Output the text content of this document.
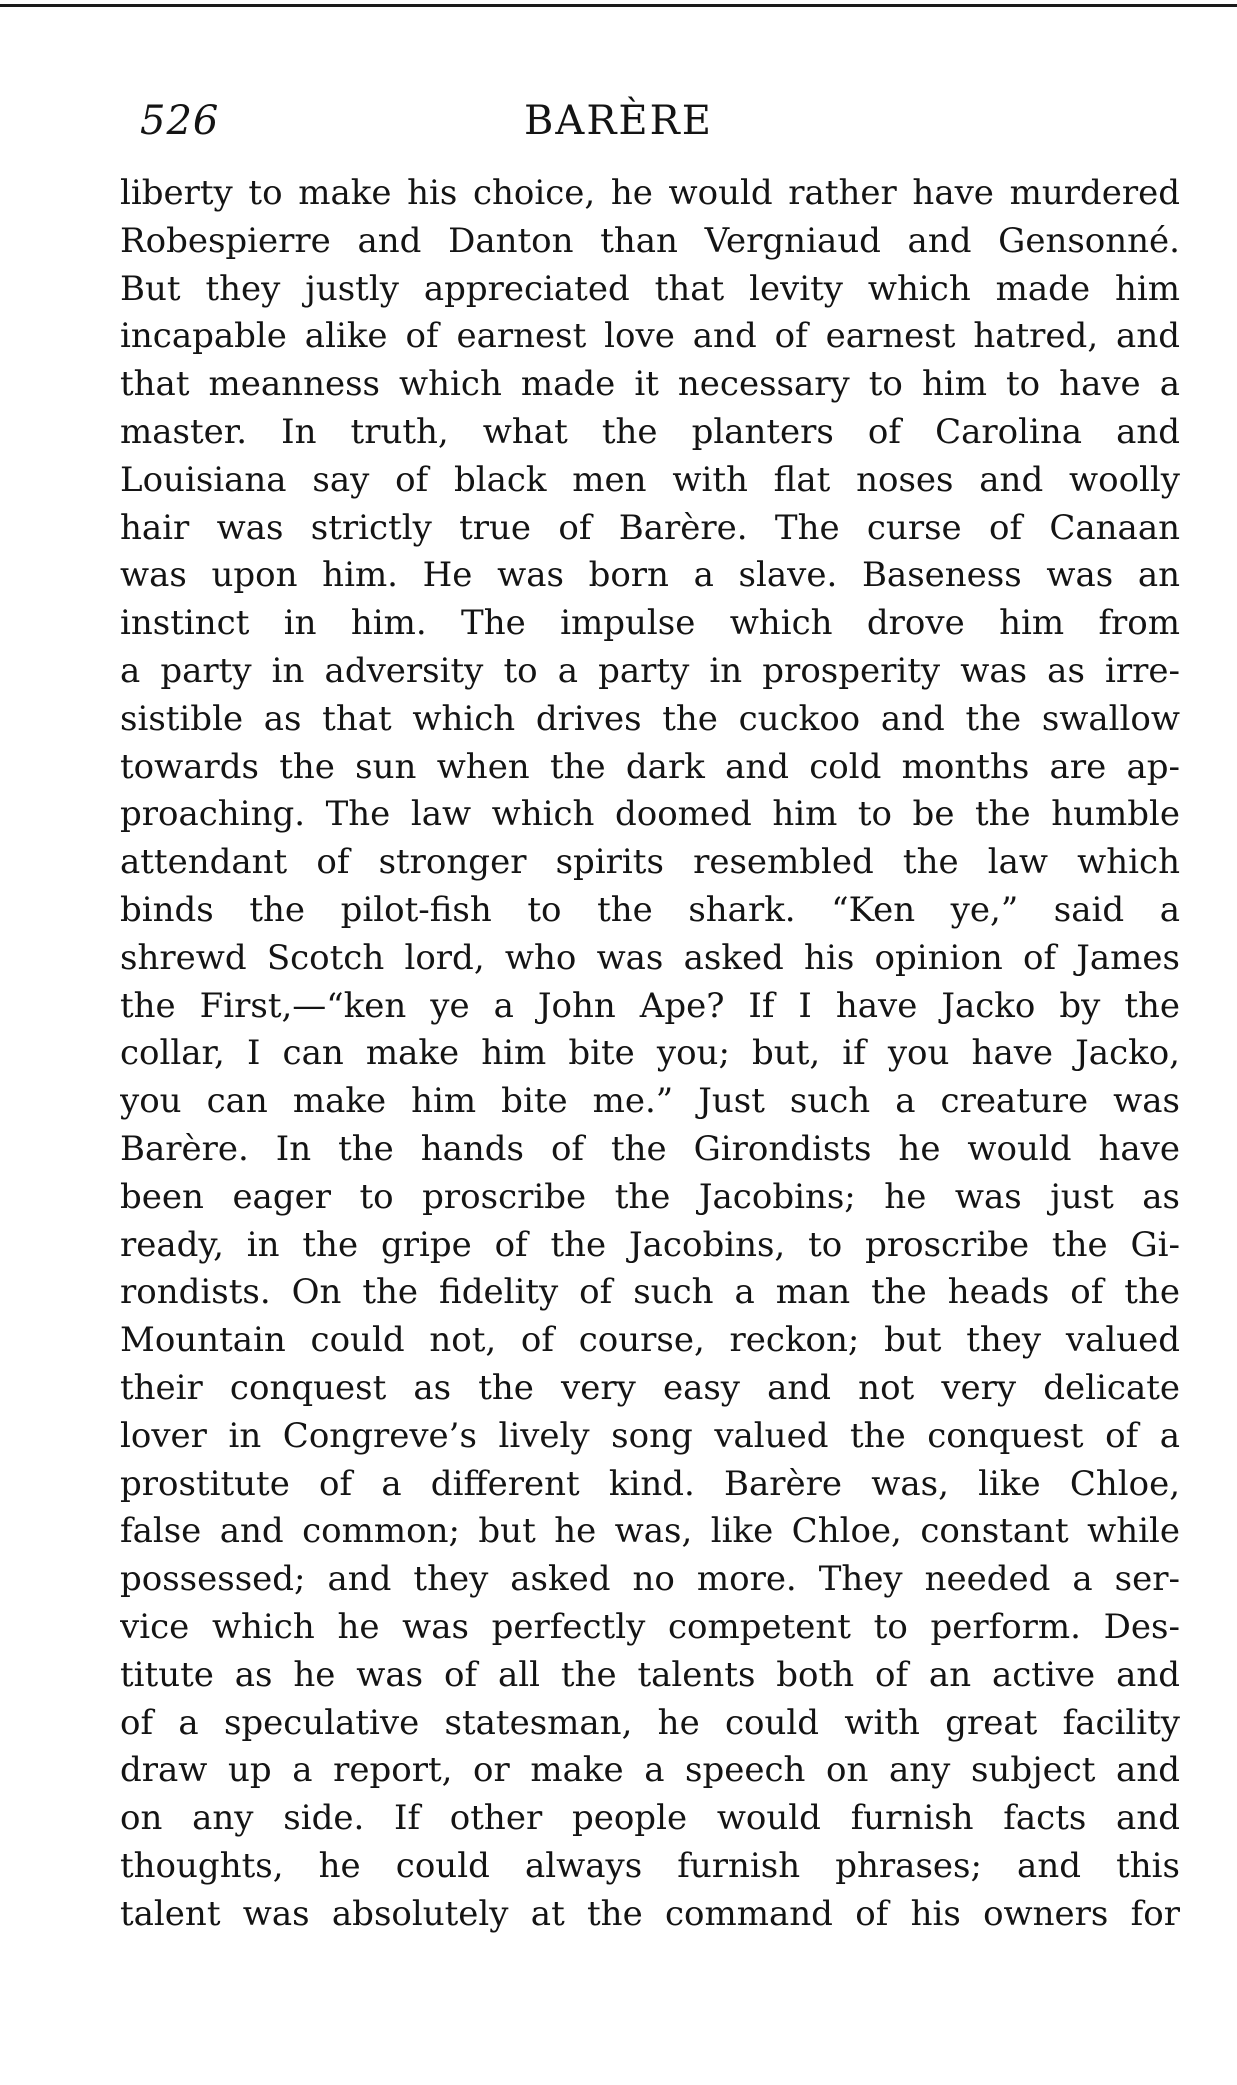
526	BARÈRE
liberty to make his choice, he would rather have murdered
Robespierre and Danton than Vergniaud and Gensonné.
But they justly appreciated that levity which made him
incapable alike of earnest love and of earnest hatred, and
that meanness which made it necessary to him to have a
master. In truth, what the planters of Carolina and
Louisiana say of black men with flat noses and woolly
hair was strictly true of Barère. The curse of Canaan
was upon him. He was born a slave. Baseness was an
instinct in him. The impulse which drove him from
a party in adversity to a party in prosperity was as irre-
sistible as that which drives the cuckoo and the swallow
towards the sun when the dark and cold months are ap-
proaching. The law which doomed him to be the humble
attendant of stronger spirits resembled the law which
binds the pilot-fish to the shark. “Ken ye,” said a
shrewd Scotch lord, who was asked his opinion of James
the First,—“ken ye a John Ape? If I have Jacko by the
collar, I can make him bite you; but, if you have Jacko,
you can make him bite me.” Just such a creature was
Barère. In the hands of the Girondists he would have
been eager to proscribe the Jacobins; he was just as
ready, in the gripe of the Jacobins, to proscribe the Gi-
rondists. On the fidelity of such a man the heads of the
Mountain could not, of course, reckon; but they valued
their conquest as the very easy and not very delicate
lover in Congreve’s lively song valued the conquest of a
prostitute of a different kind. Barère was, like Chloe,
false and common; but he was, like Chloe, constant while
possessed; and they asked no more. They needed a ser-
vice which he was perfectly competent to perform. Des-
titute as he was of all the talents both of an active and
of a speculative statesman, he could with great facility
draw up a report, or make a speech on any subject and
on any side. If other people would furnish facts and
thoughts, he could always furnish phrases; and this
talent was absolutely at the command of his owners for
